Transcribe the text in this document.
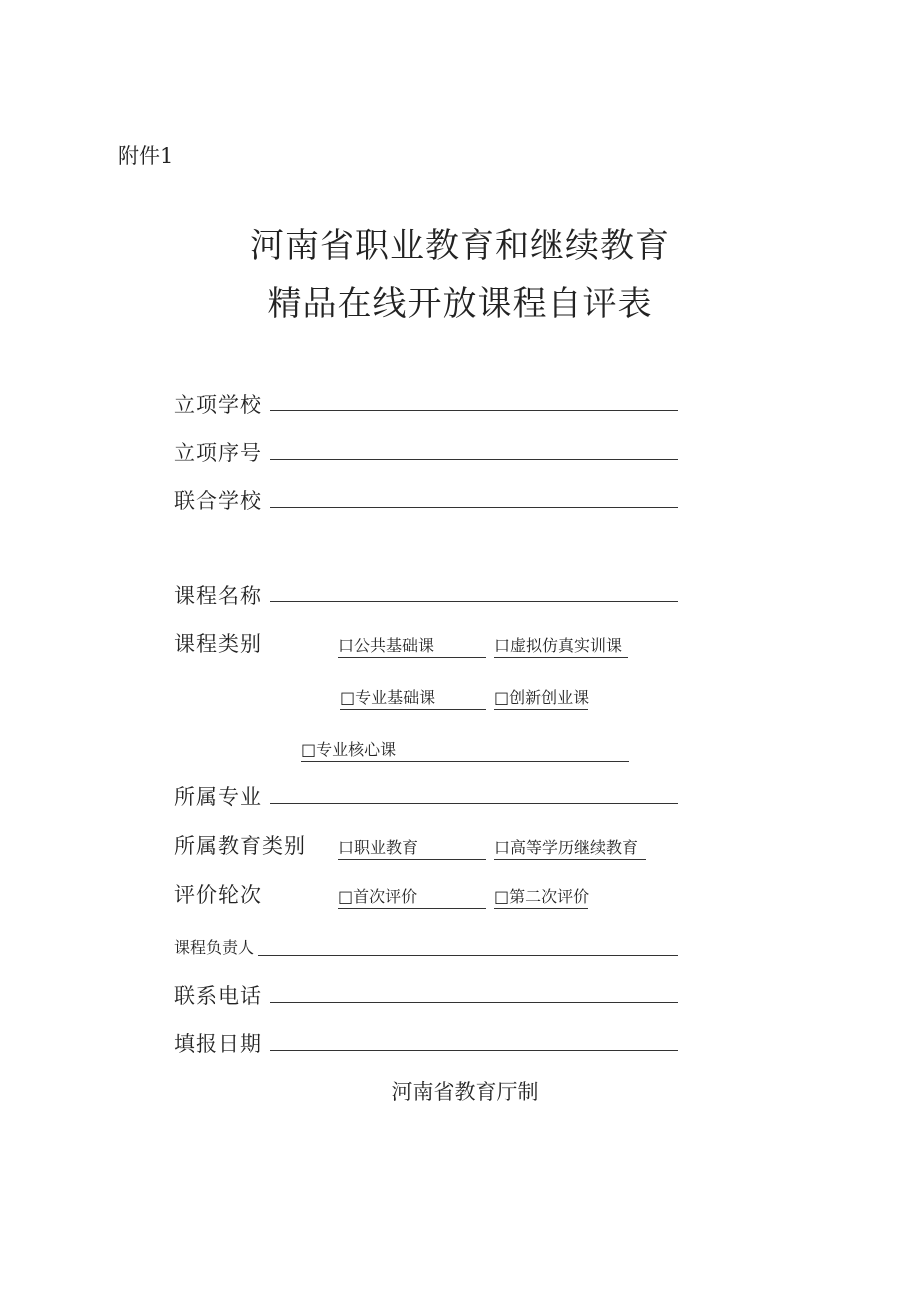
附件1
河南省职业教育和继续教育
精品在线开放课程自评表
立项学校
立项序号
联合学校
课程名称
课程类别	口公共基础课	口虚拟仿真实训课
□专业基础课	□创新创业课
□专业核心课
所属专业
所属教育类别 口职业教育	口高等学历继续教育
评价轮次	□首次评价	□第二次评价
课程负责人
联系电话
填报日期
河南省教育厅制
